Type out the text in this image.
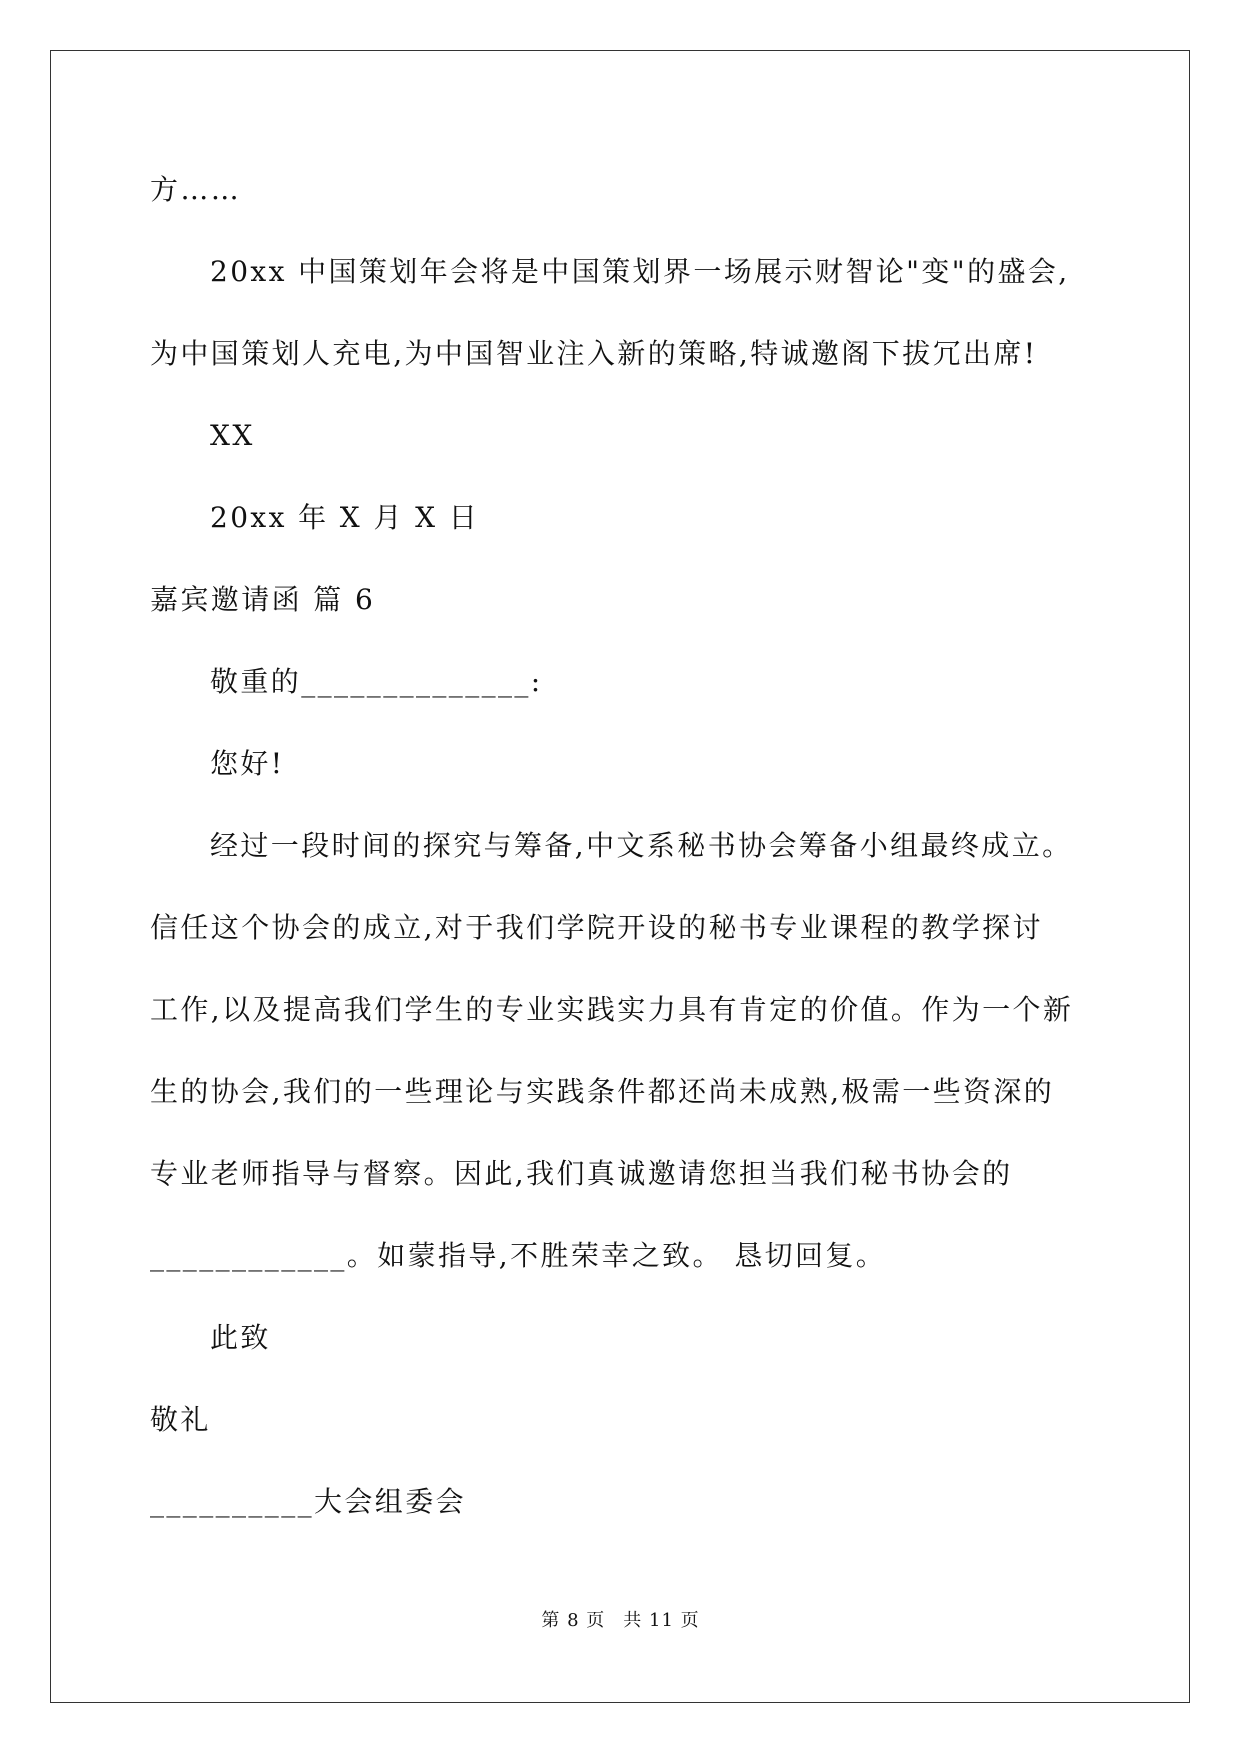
方……
20xx 中国策划年会将是中国策划界一场展示财智论"变"的盛会,
为中国策划人充电,为中国智业注入新的策略,特诚邀阁下拔冗出席!
XX
20xx 年 X 月 X 日
嘉宾邀请函 篇 6
敬重的______________:
您好!
经过一段时间的探究与筹备,中文系秘书协会筹备小组最终成立。
信任这个协会的成立,对于我们学院开设的秘书专业课程的教学探讨
工作,以及提高我们学生的专业实践实力具有肯定的价值。作为一个新
生的协会,我们的一些理论与实践条件都还尚未成熟,极需一些资深的
专业老师指导与督察。因此,我们真诚邀请您担当我们秘书协会的
____________。如蒙指导,不胜荣幸之致。 恳切回复。
此致
敬礼
__________大会组委会
第 8 页 共 11 页
